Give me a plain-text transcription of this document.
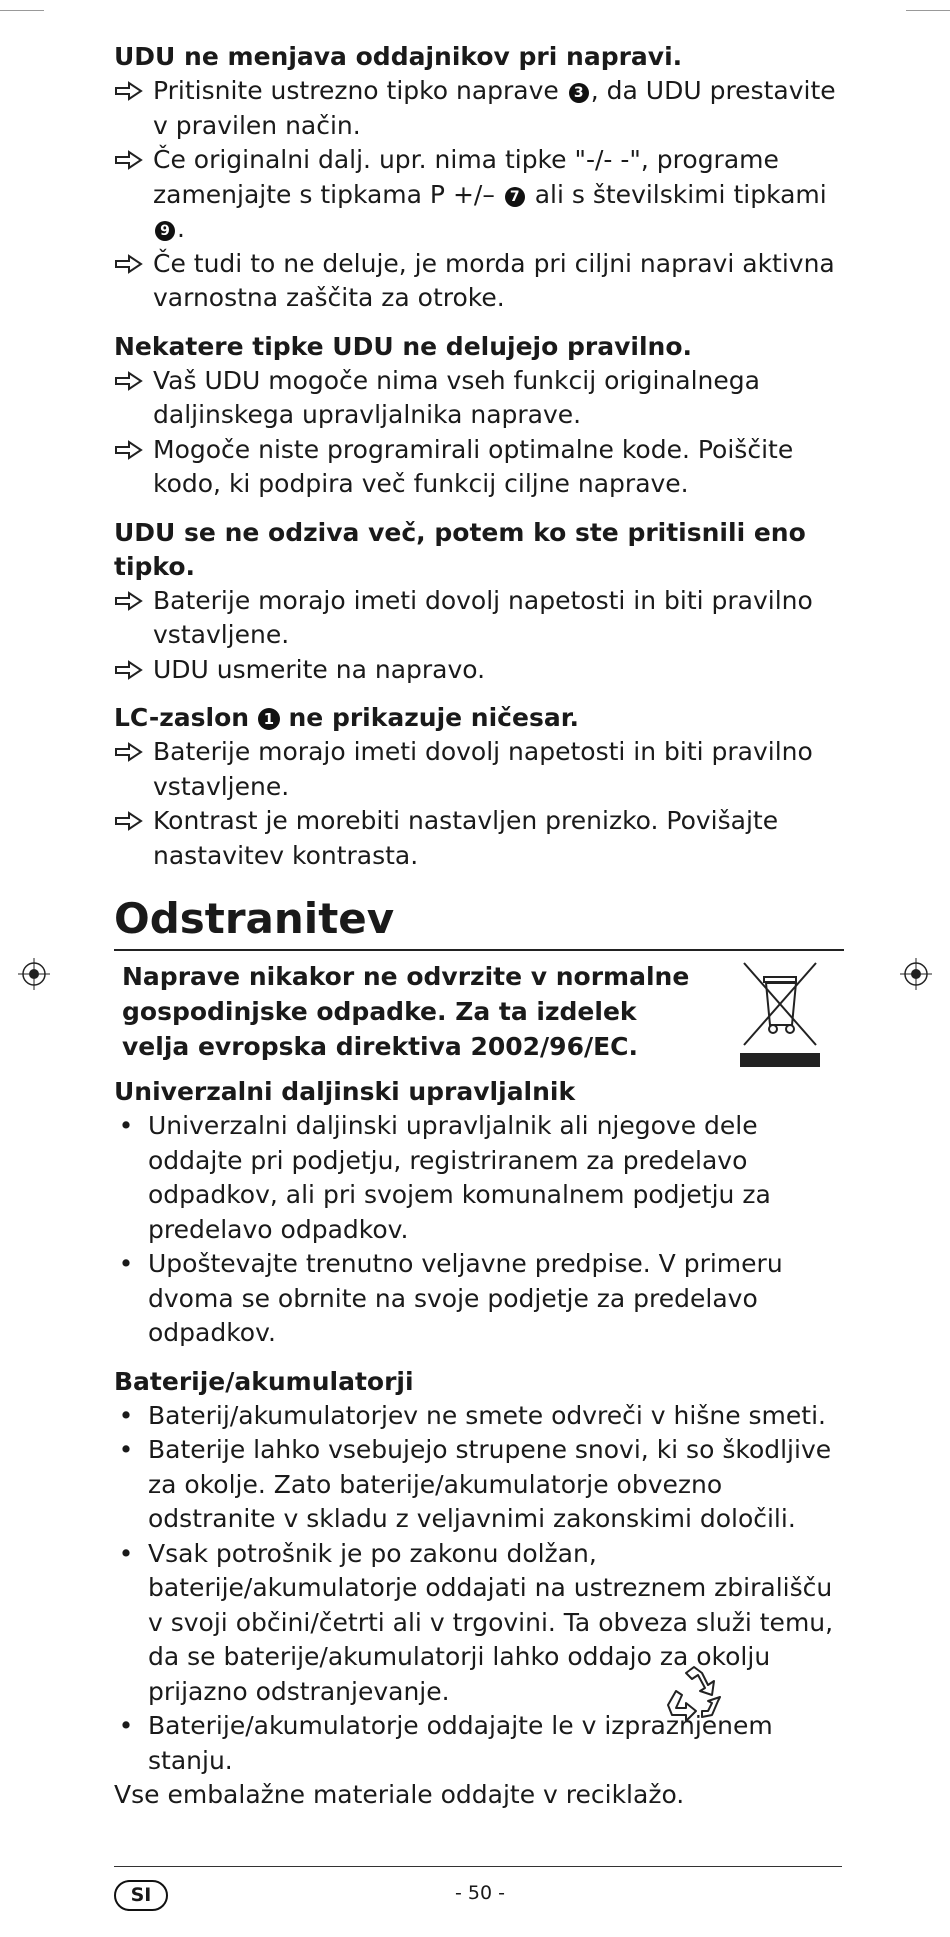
UDU ne menjava oddajnikov pri napravi.
Pritisnite ustrezno tipko naprave 3 , da UDU prestavite v pravilen način.
Če originalni dalj. upr. nima tipke "-/- -", programe zamenjajte s tipkama P +/– 7 ali s številskimi tipkami 9 .
Če tudi to ne deluje, je morda pri ciljni napravi aktivna varnostna zaščita za otroke.
Nekatere tipke UDU ne delujejo pravilno.
Vaš UDU mogoče nima vseh funkcij originalnega daljinskega upravljalnika naprave.
Mogoče niste programirali optimalne kode. Poiščite kodo, ki podpira več funkcij ciljne naprave.
UDU se ne odziva več, potem ko ste pritisnili eno tipko.
Baterije morajo imeti dovolj napetosti in biti pravilno vstavljene.
UDU usmerite na napravo.
LC-zaslon 1 ne prikazuje ničesar.
Baterije morajo imeti dovolj napetosti in biti pravilno vstavljene.
Kontrast je morebiti nastavljen prenizko. Povišajte nastavitev kontrasta.
Odstranitev
Naprave nikakor ne odvrzite v normalne gospodinjske odpadke. Za ta izdelek velja evropska direktiva 2002/96/EC.
Univerzalni daljinski upravljalnik
• Univerzalni daljinski upravljalnik ali njegove dele oddajte pri podjetju, registriranem za predelavo odpadkov, ali pri svojem komunalnem podjetju za predelavo odpadkov.
• Upoštevajte trenutno veljavne predpise. V primeru dvoma se obrnite na svoje podjetje za predelavo odpadkov.
Baterije/akumulatorji
• Baterij/akumulatorjev ne smete odvreči v hišne smeti.
• Baterije lahko vsebujejo strupene snovi, ki so škodljive za okolje. Zato baterije/akumulatorje obvezno odstranite v skladu z veljavnimi zakonskimi določili.
• Vsak potrošnik je po zakonu dolžan, baterije/akumulatorje oddajati na ustreznem zbirališču v svoji občini/četrti ali v trgovini. Ta obveza služi temu, da se baterije/akumulatorji lahko oddajo za okolju prijazno odstranjevanje.
• Baterije/akumulatorje oddajajte le v izpraznjenem stanju.
Vse embalažne materiale oddajte v reciklažo.
SI	- 50 -
